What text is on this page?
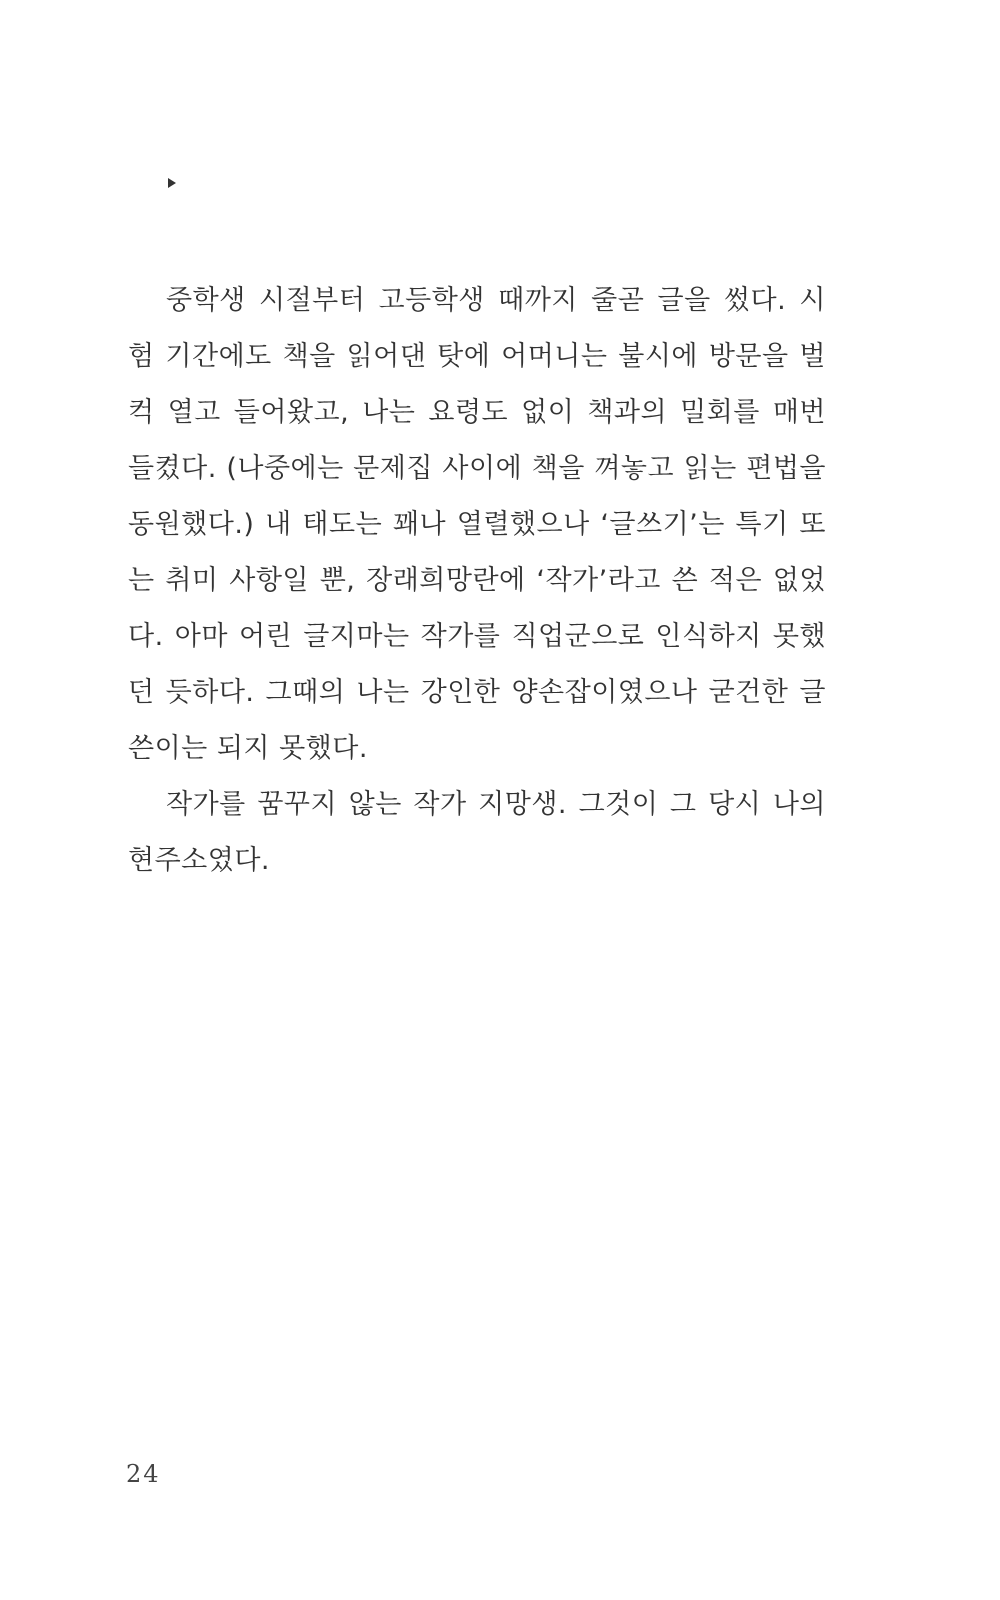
중학생 시절부터 고등학생 때까지 줄곧 글을 썼다. 시
험 기간에도 책을 읽어댄 탓에 어머니는 불시에 방문을 벌
컥 열고 들어왔고, 나는 요령도 없이 책과의 밀회를 매번
들켰다. (나중에는 문제집 사이에 책을 껴놓고 읽는 편법을
동원했다.) 내 태도는 꽤나 열렬했으나 ‘글쓰기’는 특기 또
는 취미 사항일 뿐, 장래희망란에 ‘작가’라고 쓴 적은 없었
다. 아마 어린 글지마는 작가를 직업군으로 인식하지 못했
던 듯하다. 그때의 나는 강인한 양손잡이였으나 굳건한 글
쓴이는 되지 못했다.
작가를 꿈꾸지 않는 작가 지망생. 그것이 그 당시 나의
현주소였다.
24
